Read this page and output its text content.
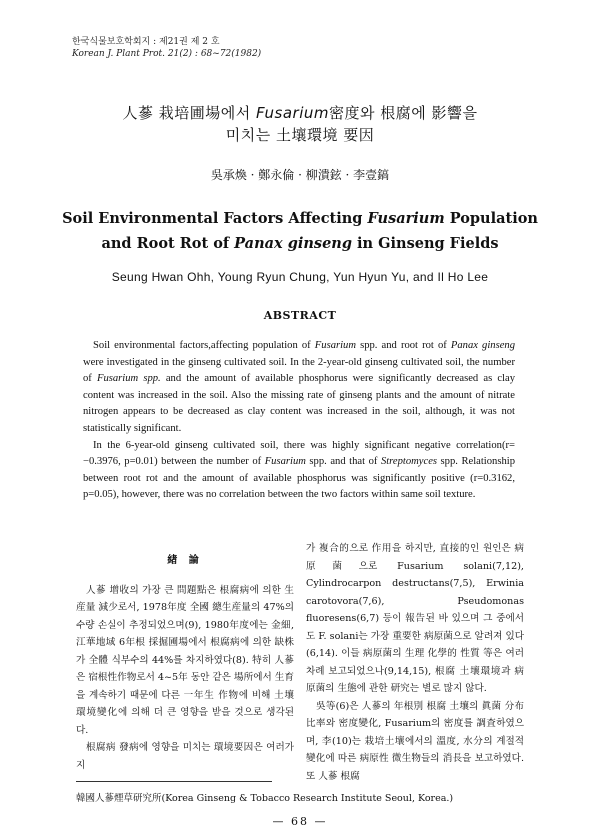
한국식물보호학회지 : 제21권 제 2 호
Korean J. Plant Prot. 21(2) : 68~72(1982)
人蔘 栽培圃場에서 Fusarium密度와 根腐에 影響을
미치는 土壤環境 要因
吳承煥 · 鄭永倫 · 柳潰鉉 · 李壹鎬
Soil Environmental Factors Affecting Fusarium Population
and Root Rot of Panax ginseng in Ginseng Fields
Seung Hwan Ohh, Young Ryun Chung, Yun Hyun Yu, and Il Ho Lee
ABSTRACT

Soil environmental factors,affecting population of Fusarium spp. and root rot of Panax ginseng were investigated in the ginseng cultivated soil. In the 2-year-old ginseng cultivated soil, the number of Fusarium spp. and the amount of available phosphorus were significantly decreased as clay content was increased in the soil. Also the missing rate of ginseng plants and the amount of nitrate nitrogen appears to be decreased as clay content was increased in the soil, although, it was not statistically significant.

In the 6-year-old ginseng cultivated soil, there was highly significant negative correlation(r= −0.3976, p=0.01) between the number of Fusarium spp. and that of Streptomyces spp. Relationship between root rot and the amount of available phosphorus was significantly positive (r=0.3162, p=0.05), however, there was no correlation between the two factors within same soil texture.

緖 論

人蔘 增收의 가장 큰 問題點은 根腐病에 의한 生産量 減少로서, 1978年度 全國 總生産量의 47%의 수량 손실이 추정되었으며(9), 1980年度에는 金細, 江華地域 6年根 採掘圃場에서 根腐病에 의한 缺株가 全體 식부수의 44%를 차지하였다(8). 特히 人蔘은 宿根性作物로서 4~5年 동안 같은 場所에서 生育을 계속하기 때문에 다른 一年生 作物에 비해 土壤 環境變化에 의해 더 큰 영향을 받을 것으로 생각된다.

根腐病 發病에 영향을 미치는 環境要因은 여러가지

가 複合的으로 作用을 하지만, 直接的인 원인은 病原菌으로 Fusarium solani(7,12), Cylindrocarpon destructans(7,5), Erwinia carotovora(7,6), Pseudomonas fluoresens(6,7) 등이 報告된 바 있으며 그 중에서도 F. solani는 가장 重要한 病原菌으로 알려져 있다(6,14). 이들 病原菌의 生理 化學的 性質 等은 여러 차례 보고되었으나(9,14,15), 根腐 土壤環境과 病原菌의 生態에 관한 研究는 별로 많지 않다.

吳等(6)은 人蔘의 年根別 根腐 土壤의 眞菌 分布比率와 密度變化, Fusarium의 密度를 調査하였으며, 李(10)는 栽培土壤에서의 溫度, 水分의 계절적 變化에 따른 病原性 微生物들의 消長을 보고하였다. 또 人蔘 根腐

韓國人蔘煙草研究所(Korea Ginseng & Tobacco Research Institute Seoul, Korea.)
— 68 —
